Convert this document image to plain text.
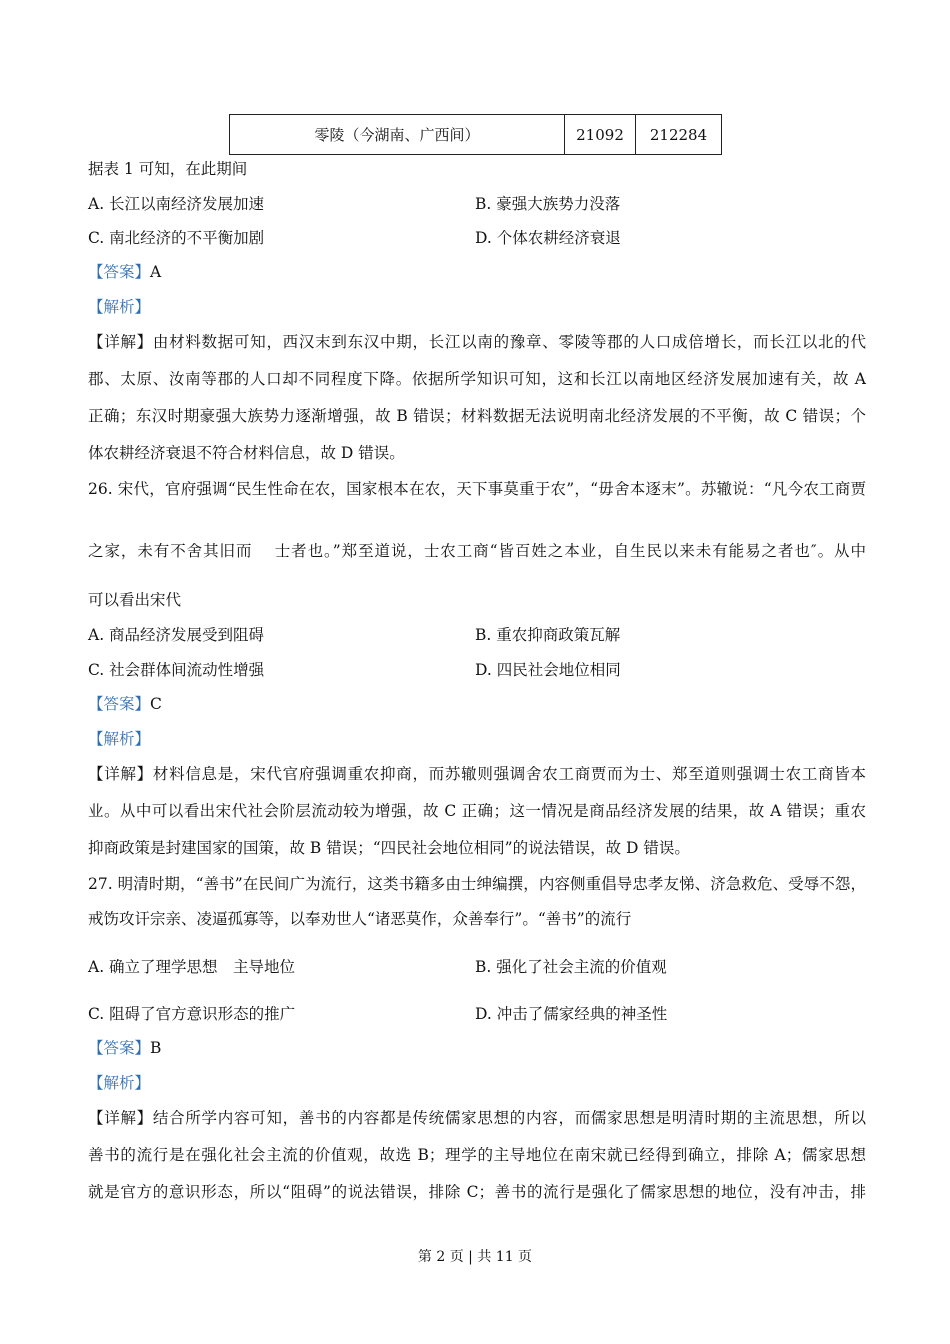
零陵（今湖南、广西间）	21092	212284
据表 1 可知，在此期间
A. 长江以南经济发展加速	B. 豪强大族势力没落
C. 南北经济的不平衡加剧	D. 个体农耕经济衰退
【答案】A
【解析】
【详解】由材料数据可知，西汉末到东汉中期，长江以南的豫章、零陵等郡的人口成倍增长，而长江以北的代
郡、太原、汝南等郡的人口却不同程度下降。依据所学知识可知，这和长江以南地区经济发展加速有关，故 A
正确；东汉时期豪强大族势力逐渐增强，故 B 错误；材料数据无法说明南北经济发展的不平衡，故 C 错误；个
体农耕经济衰退不符合材料信息，故 D 错误。
26. 宋代，官府强调“民生性命在农，国家根本在农，天下事莫重于农”，“毋舍本逐末”。苏辙说：“凡今农工商贾
之家，未有不舍其旧而　 士者也。”郑至道说，士农工商“皆百姓之本业，自生民以来未有能易之者也″。从中
可以看出宋代
A. 商品经济发展受到阻碍	B. 重农抑商政策瓦解
C. 社会群体间流动性增强	D. 四民社会地位相同
【答案】C
【解析】
【详解】材料信息是，宋代官府强调重农抑商，而苏辙则强调舍农工商贾而为士、郑至道则强调士农工商皆本
业。从中可以看出宋代社会阶层流动较为增强，故 C 正确；这一情况是商品经济发展的结果，故 A 错误；重农
抑商政策是封建国家的国策，故 B 错误；“四民社会地位相同”的说法错误，故 D 错误。
27. 明清时期，“善书”在民间广为流行，这类书籍多由士绅编撰，内容侧重倡导忠孝友悌、济急救危、受辱不怨，
戒饬攻讦宗亲、凌逼孤寡等，以奉劝世人“诸恶莫作，众善奉行”。“善书”的流行
A. 确立了理学思想　主导地位	B. 强化了社会主流的价值观
C. 阻碍了官方意识形态的推广	D. 冲击了儒家经典的神圣性
【答案】B
【解析】
【详解】结合所学内容可知，善书的内容都是传统儒家思想的内容，而儒家思想是明清时期的主流思想，所以
善书的流行是在强化社会主流的价值观，故选 B；理学的主导地位在南宋就已经得到确立，排除 A；儒家思想
就是官方的意识形态，所以“阻碍”的说法错误，排除 C；善书的流行是强化了儒家思想的地位，没有冲击，排
第 2 页 | 共 11 页
